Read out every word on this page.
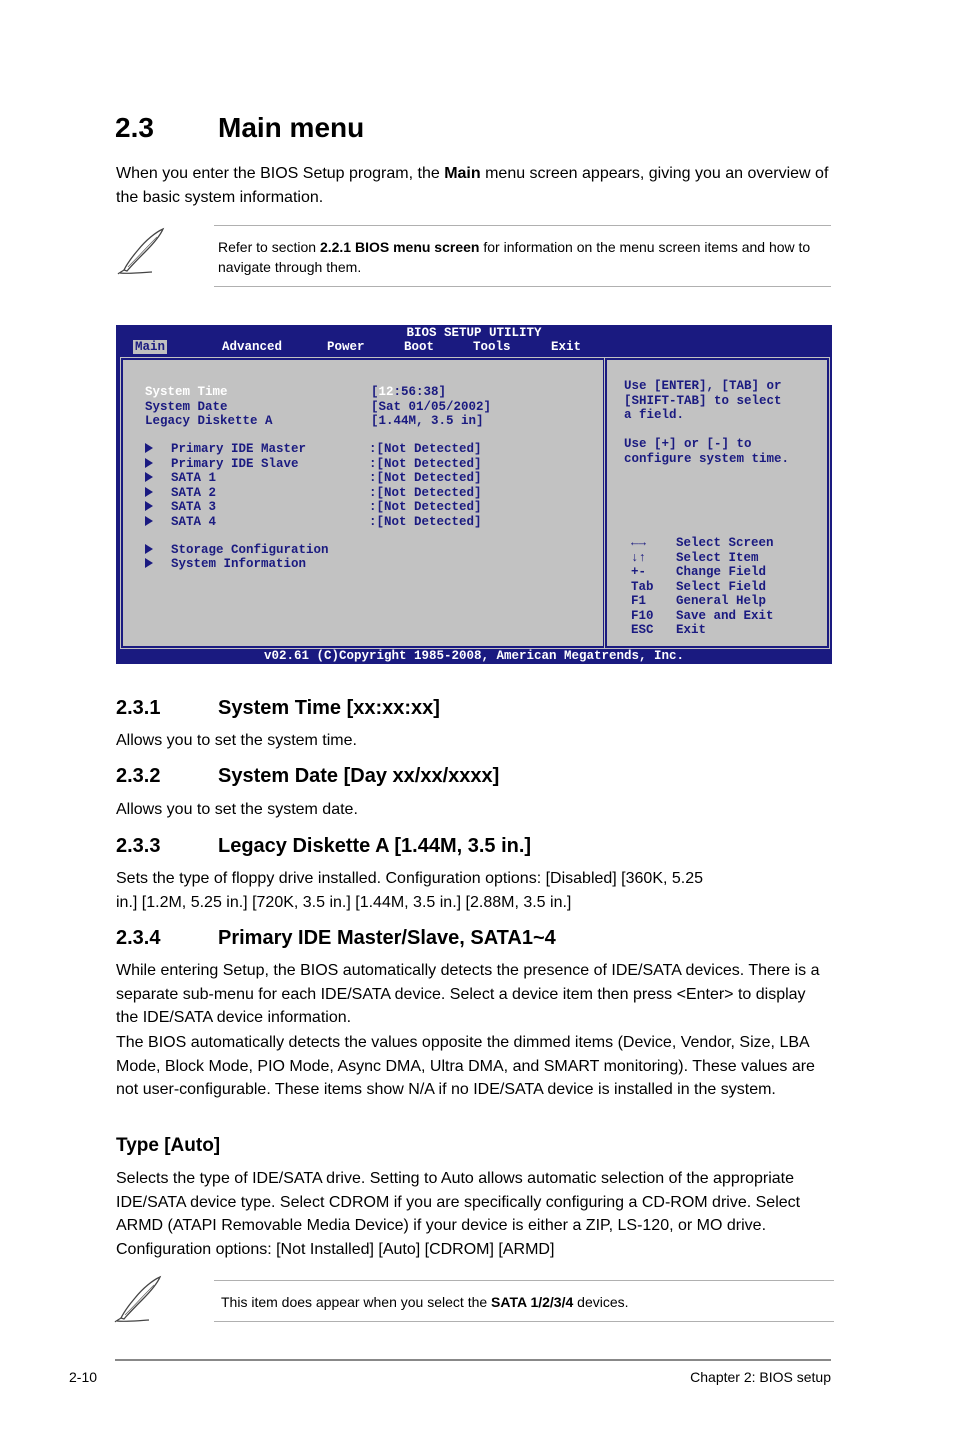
2.3 Main menu

When you enter the BIOS Setup program, the Main menu screen appears, giving you an overview of the basic system information.

Refer to section 2.2.1 BIOS menu screen for information on the menu screen items and how to navigate through them.
BIOS SETUP UTILITY
Main	Advanced	Power	Boot	Tools	Exit
System Time	[12:56:38]
System Date	[Sat 01/05/2002]
Legacy Diskette A	[1.44M, 3.5 in]
Primary IDE Master	:[Not Detected]
Primary IDE Slave	:[Not Detected]
SATA 1	:[Not Detected]
SATA 2	:[Not Detected]
SATA 3	:[Not Detected]
SATA 4	:[Not Detected]
Storage Configuration
System Information
Use [ENTER], [TAB] or
[SHIFT-TAB] to select
a field.
Use [+] or [-] to
configure system time.
←→ Select Screen
↓↑ Select Item
+- Change Field
Tab Select Field
F1 General Help
F10 Save and Exit
ESC Exit
v02.61 (C)Copyright 1985-2008, American Megatrends, Inc.
2.3.1	System Time [xx:xx:xx]

Allows you to set the system time.

2.3.2	System Date [Day xx/xx/xxxx]

Allows you to set the system date.

2.3.3	Legacy Diskette A [1.44M, 3.5 in.]

Sets the type of floppy drive installed. Configuration options: [Disabled] [360K, 5.25 in.] [1.2M, 5.25 in.] [720K, 3.5 in.] [1.44M, 3.5 in.] [2.88M, 3.5 in.]

2.3.4	Primary IDE Master/Slave, SATA1~4

While entering Setup, the BIOS automatically detects the presence of IDE/SATA devices. There is a separate sub-menu for each IDE/SATA device. Select a device item then press <Enter> to display the IDE/SATA device information.

The BIOS automatically detects the values opposite the dimmed items (Device, Vendor, Size, LBA Mode, Block Mode, PIO Mode, Async DMA, Ultra DMA, and SMART monitoring). These values are not user-configurable. These items show N/A if no IDE/SATA device is installed in the system.

Type [Auto]

Selects the type of IDE/SATA drive. Setting to Auto allows automatic selection of the appropriate IDE/SATA device type. Select CDROM if you are specifically configuring a CD-ROM drive. Select ARMD (ATAPI Removable Media Device) if your device is either a ZIP, LS-120, or MO drive. Configuration options: [Not Installed] [Auto] [CDROM] [ARMD]

This item does appear when you select the SATA 1/2/3/4 devices.
2-10	Chapter 2: BIOS setup
